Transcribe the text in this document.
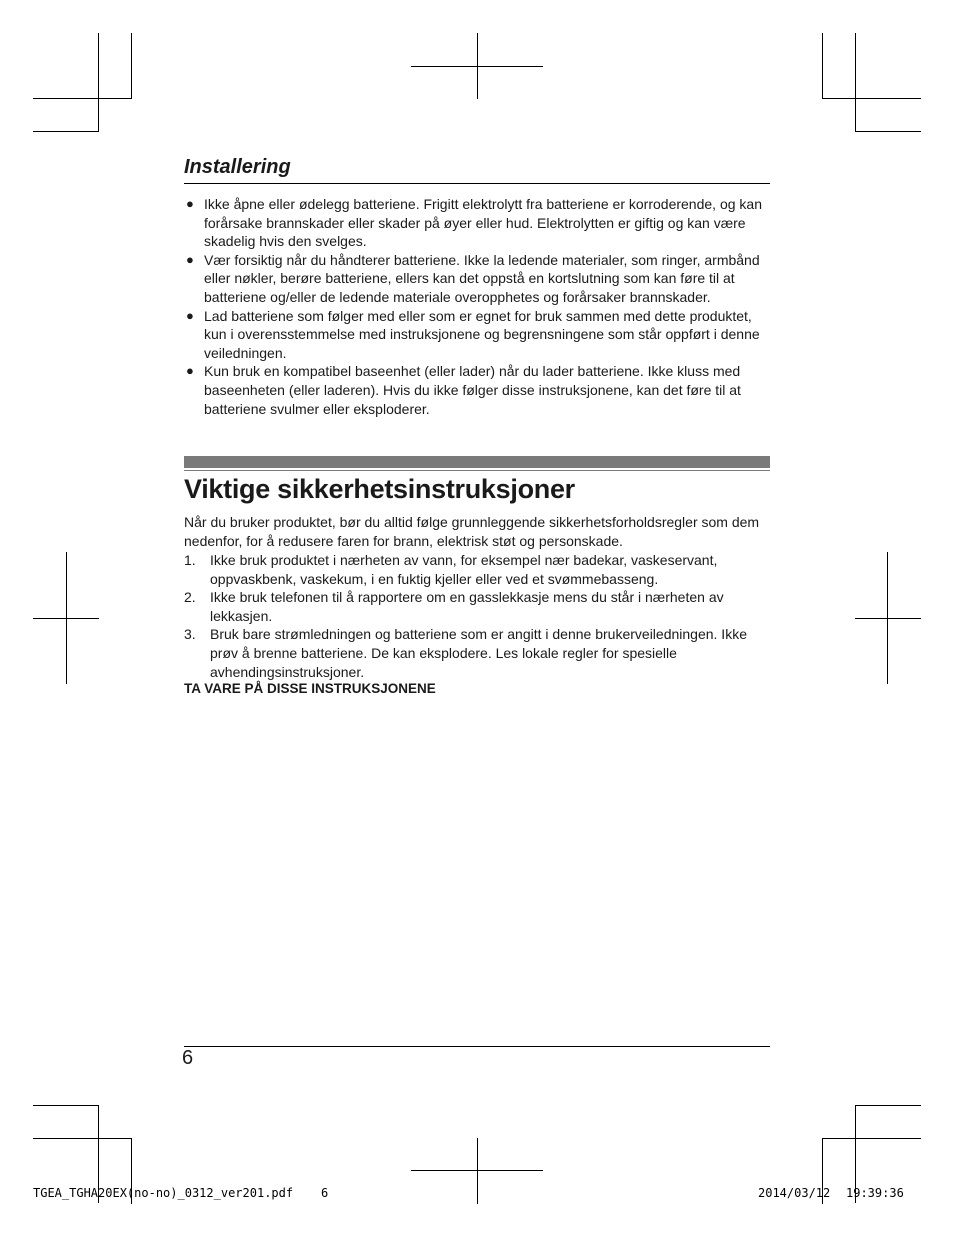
Installering
● Ikke åpne eller ødelegg batteriene. Frigitt elektrolytt fra batteriene er korroderende, og kan forårsake brannskader eller skader på øyer eller hud. Elektrolytten er giftig og kan være skadelig hvis den svelges.
● Vær forsiktig når du håndterer batteriene. Ikke la ledende materialer, som ringer, armbånd eller nøkler, berøre batteriene, ellers kan det oppstå en kortslutning som kan føre til at batteriene og/eller de ledende materiale overopphetes og forårsaker brannskader.
● Lad batteriene som følger med eller som er egnet for bruk sammen med dette produktet, kun i overensstemmelse med instruksjonene og begrensningene som står oppført i denne veiledningen.
● Kun bruk en kompatibel baseenhet (eller lader) når du lader batteriene. Ikke kluss med baseenheten (eller laderen). Hvis du ikke følger disse instruksjonene, kan det føre til at batteriene svulmer eller eksploderer.
Viktige sikkerhetsinstruksjoner

Når du bruker produktet, bør du alltid følge grunnleggende sikkerhetsforholdsregler som dem nedenfor, for å redusere faren for brann, elektrisk støt og personskade.

1. Ikke bruk produktet i nærheten av vann, for eksempel nær badekar, vaskeservant, oppvaskbenk, vaskekum, i en fuktig kjeller eller ved et svømmebasseng.
2. Ikke bruk telefonen til å rapportere om en gasslekkasje mens du står i nærheten av lekkasjen.
3. Bruk bare strømledningen og batteriene som er angitt i denne brukerveiledningen. Ikke prøv å brenne batteriene. De kan eksplodere. Les lokale regler for spesielle avhendingsinstruksjoner.

TA VARE PÅ DISSE INSTRUKSJONENE

6
TGEA_TGHA20EX(no-no)_0312_ver201.pdf 6	2014/03/12 19:39:36
